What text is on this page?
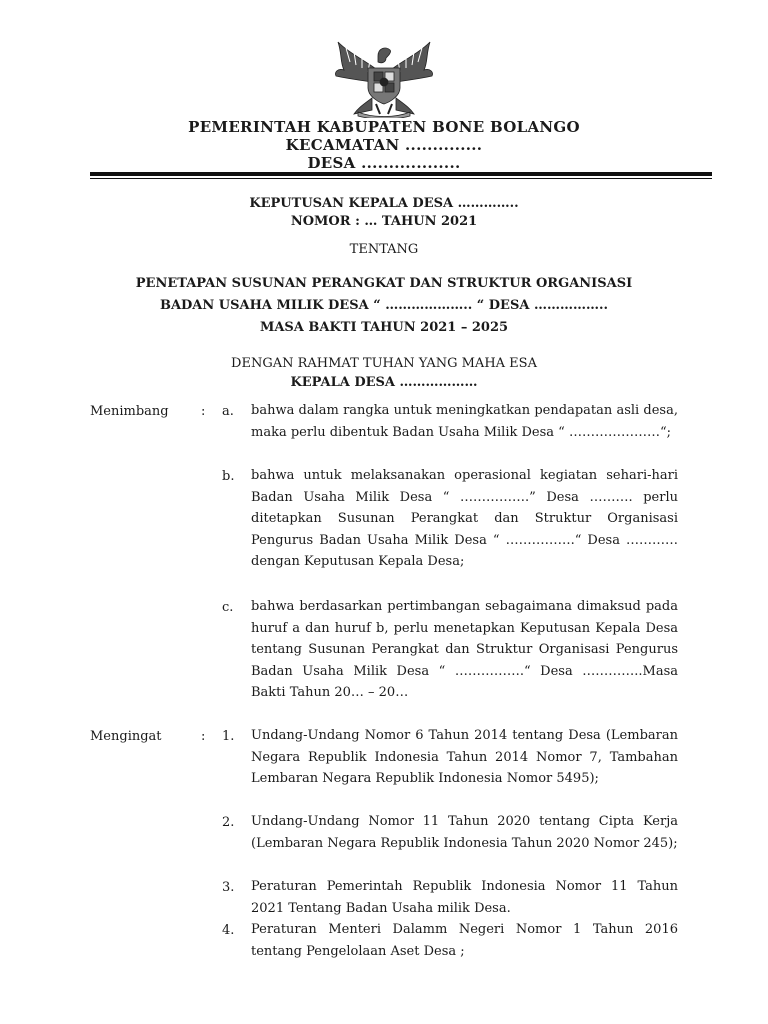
PEMERINTAH KABUPATEN BONE BOLANGO
KECAMATAN ..............
DESA ..................
KEPUTUSAN KEPALA DESA …………..
NOMOR : … TAHUN 2021
TENTANG
PENETAPAN SUSUNAN PERANGKAT DAN STRUKTUR ORGANISASI
BADAN USAHA MILIK DESA “ ……………….. “ DESA ……………..
MASA BAKTI TAHUN 2021 – 2025
DENGAN RAHMAT TUHAN YANG MAHA ESA
KEPALA DESA ………………
Menimbang : a. bahwa dalam rangka untuk meningkatkan pendapatan asli desa, maka perlu dibentuk Badan Usaha Milik Desa “ …………………“;
b. bahwa untuk melaksanakan operasional kegiatan sehari-hari Badan Usaha Milik Desa “ …………….” Desa ………. perlu ditetapkan Susunan Perangkat dan Struktur Organisasi Pengurus Badan Usaha Milik Desa “ …………….“ Desa …………dengan Keputusan Kepala Desa;
c. bahwa berdasarkan pertimbangan sebagaimana dimaksud pada huruf a dan huruf b, perlu menetapkan Keputusan Kepala Desa tentang Susunan Perangkat dan Struktur Organisasi Pengurus Badan Usaha Milik Desa “ …………….“ Desa …………..Masa Bakti Tahun 20… – 20…
Mengingat	: 1. Undang-Undang Nomor 6 Tahun 2014 tentang Desa (Lembaran Negara Republik Indonesia Tahun 2014 Nomor 7, Tambahan Lembaran Negara Republik Indonesia Nomor 5495);
2. Undang-Undang Nomor 11 Tahun 2020 tentang Cipta Kerja (Lembaran Negara Republik Indonesia Tahun 2020 Nomor 245);
3. Peraturan Pemerintah Republik Indonesia Nomor 11 Tahun 2021 Tentang Badan Usaha milik Desa.
4. Peraturan Menteri Dalamm Negeri Nomor 1 Tahun 2016 tentang Pengelolaan Aset Desa ;
